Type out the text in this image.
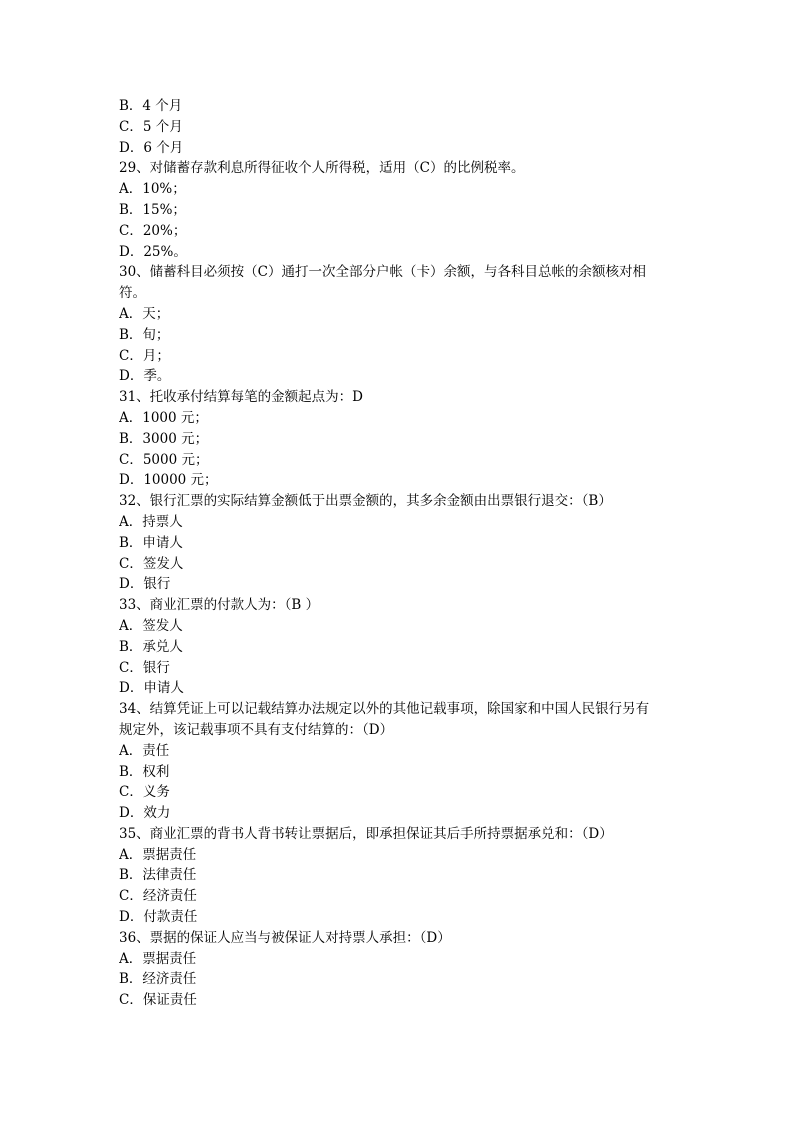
B．4 个月
C．5 个月
D．6 个月
29、对储蓄存款利息所得征收个人所得税，适用（C）的比例税率。
A．10%；
B．15%；
C．20%；
D．25%。
30、储蓄科目必须按（C）通打一次全部分户帐（卡）余额，与各科目总帐的余额核对相
符。
A．天；
B．旬；
C．月；
D．季。
31、托收承付结算每笔的金额起点为：D
A．1000 元；
B．3000 元；
C．5000 元；
D．10000 元；
32、银行汇票的实际结算金额低于出票金额的，其多余金额由出票银行退交：（B）
A．持票人
B．申请人
C．签发人
D．银行
33、商业汇票的付款人为：（B ）
A．签发人
B．承兑人
C．银行
D．申请人
34、结算凭证上可以记载结算办法规定以外的其他记载事项，除国家和中国人民银行另有
规定外，该记载事项不具有支付结算的：（D）
A．责任
B．权利
C．义务
D．效力
35、商业汇票的背书人背书转让票据后，即承担保证其后手所持票据承兑和：（D）
A．票据责任
B．法律责任
C．经济责任
D．付款责任
36、票据的保证人应当与被保证人对持票人承担：（D）
A．票据责任
B．经济责任
C．保证责任
